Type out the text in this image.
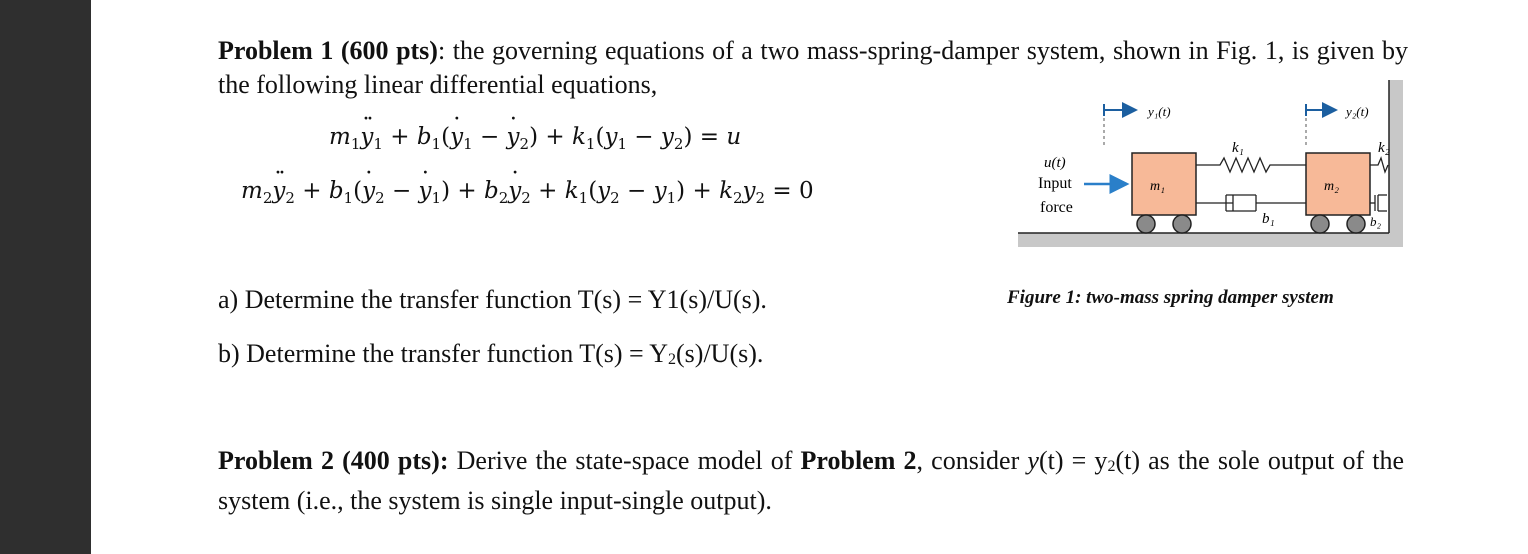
Problem 1 (600 pts): the governing equations of a two mass-spring-damper system, shown in Fig. 1, is given by the following linear differential equations,
$m_1\cdot\cdot y_1 + b_1(\cdot y_1$ − · $y_2) + k_1(y_1 - y_2) = u$
$m_2\cdot\cdot y_2 + b_1(\cdot y_2$ − · $y_1) + b_2\cdot y_2 + k_1(y_2 - y_1) + k_2y_2 = 0$
y₁(t)	y₂(t)
u(t)
Input
force
m₁	m₂
k₁
b₁
k₂
b₂
Figure 1: two-mass spring damper system
a) Determine the transfer function T(s) = Y1(s)/U(s).
b) Determine the transfer function $T(s) = Y_2(s)/U(s)$.
Problem 2 (400 pts): Derive the state-space model of Problem 2, consider $y(t) = y_2(t)$ as the sole output of the system (i.e., the system is single input-single output).
